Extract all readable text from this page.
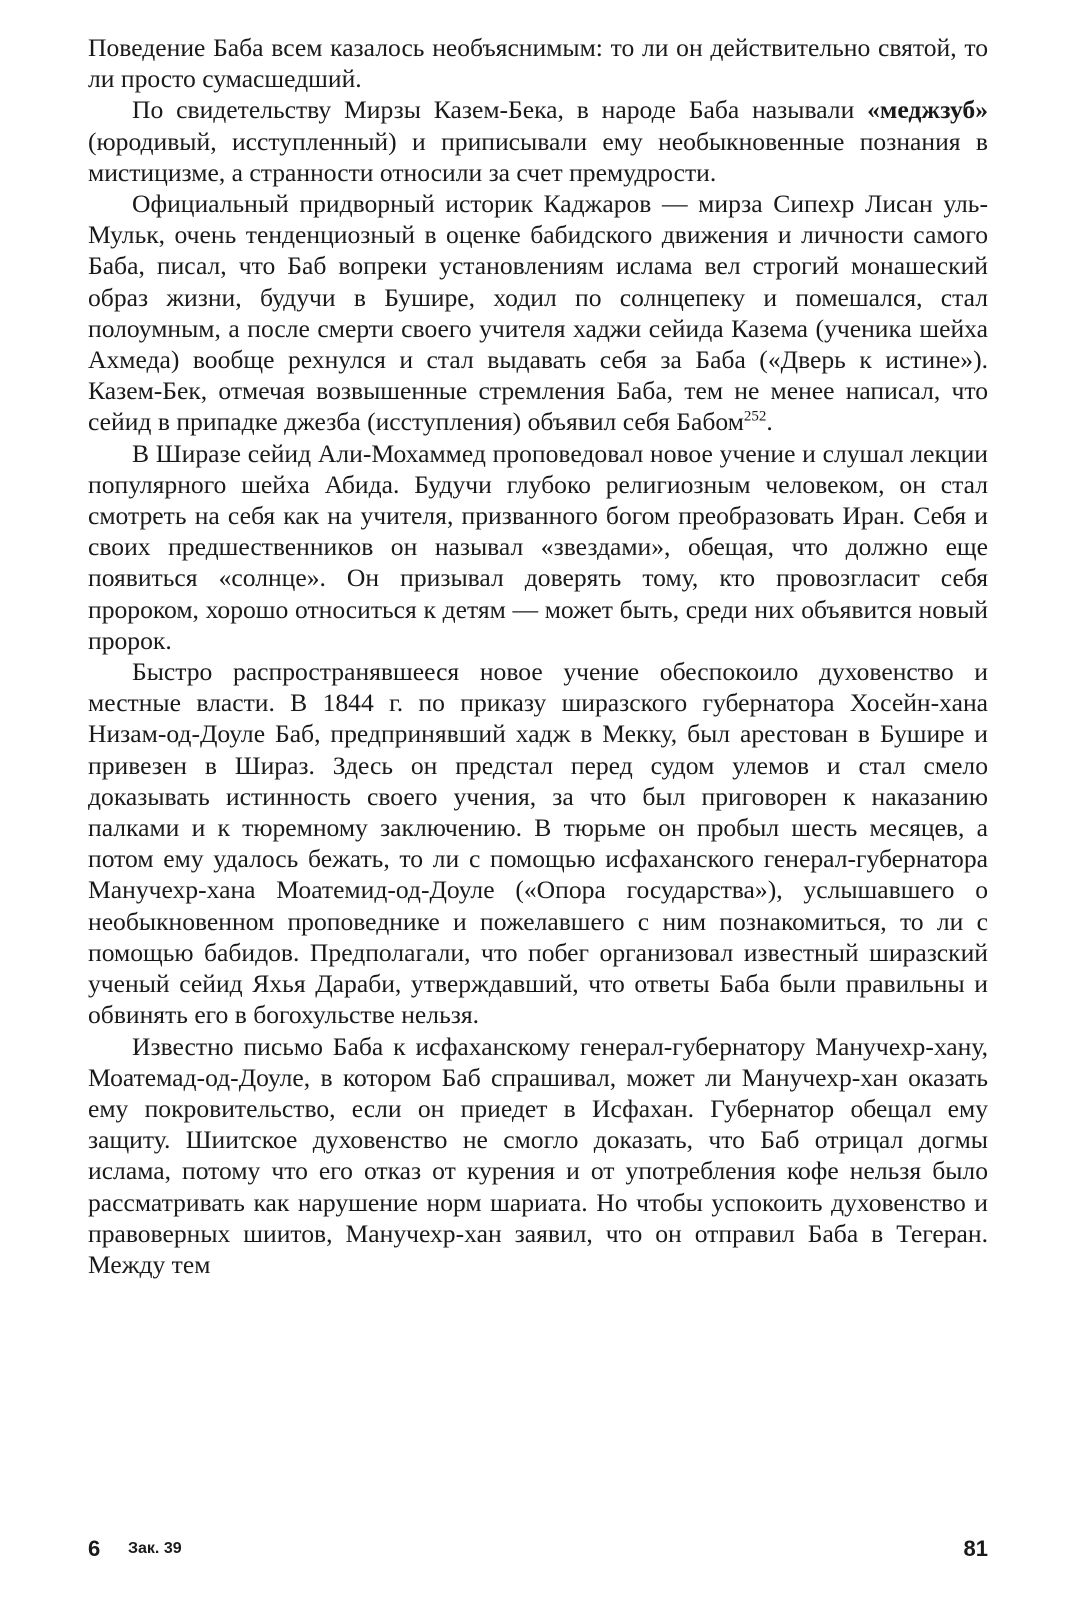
Поведение Баба всем казалось необъяснимым: то ли он действительно святой, то ли просто сумасшедший.

По свидетельству Мирзы Казем-Бека, в народе Баба называли «меджзуб» (юродивый, исступленный) и приписывали ему необыкновенные познания в мистицизме, а странности относили за счет премудрости.

Официальный придворный историк Каджаров — мирза Сипехр Лисан уль-Мульк, очень тенденциозный в оценке бабидского движения и личности самого Баба, писал, что Баб вопреки установлениям ислама вел строгий монашеский образ жизни, будучи в Бушире, ходил по солнцепеку и помешался, стал полоумным, а после смерти своего учителя хаджи сейида Казема (ученика шейха Ахмеда) вообще рехнулся и стал выдавать себя за Баба («Дверь к истине»). Казем-Бек, отмечая возвышенные стремления Баба, тем не менее написал, что сейид в припадке джезба (исступления) объявил себя Бабом$^{252}$.

В Ширазе сейид Али-Мохаммед проповедовал новое учение и слушал лекции популярного шейха Абида. Будучи глубоко религиозным человеком, он стал смотреть на себя как на учителя, призванного богом преобразовать Иран. Себя и своих предшественников он называл «звездами», обещая, что должно еще появиться «солнце». Он призывал доверять тому, кто провозгласит себя пророком, хорошо относиться к детям — может быть, среди них объявится новый пророк.

Быстро распространявшееся новое учение обеспокоило духовенство и местные власти. В 1844 г. по приказу ширазского губернатора Хосейн-хана Низам-од-Доуле Баб, предпринявший хадж в Мекку, был арестован в Бушире и привезен в Шираз. Здесь он предстал перед судом улемов и стал смело доказывать истинность своего учения, за что был приговорен к наказанию палками и к тюремному заключению. В тюрьме он пробыл шесть месяцев, а потом ему удалось бежать, то ли с помощью исфаханского генерал-губернатора Манучехр-хана Моатемид-од-Доуле («Опора государства»), услышавшего о необыкновенном проповеднике и пожелавшего с ним познакомиться, то ли с помощью бабидов. Предполагали, что побег организовал известный ширазский ученый сейид Яхья Дараби, утверждавший, что ответы Баба были правильны и обвинять его в богохульстве нельзя.

Известно письмо Баба к исфаханскому генерал-губернатору Манучехр-хану, Моатемад-од-Доуле, в котором Баб спрашивал, может ли Манучехр-хан оказать ему покровительство, если он приедет в Исфахан. Губернатор обещал ему защиту. Шиитское духовенство не смогло доказать, что Баб отрицал догмы ислама, потому что его отказ от курения и от употребления кофе нельзя было рассматривать как нарушение норм шариата. Но чтобы успокоить духовенство и правоверных шиитов, Манучехр-хан заявил, что он отправил Баба в Тегеран. Между тем

6 Зак. 39	81
